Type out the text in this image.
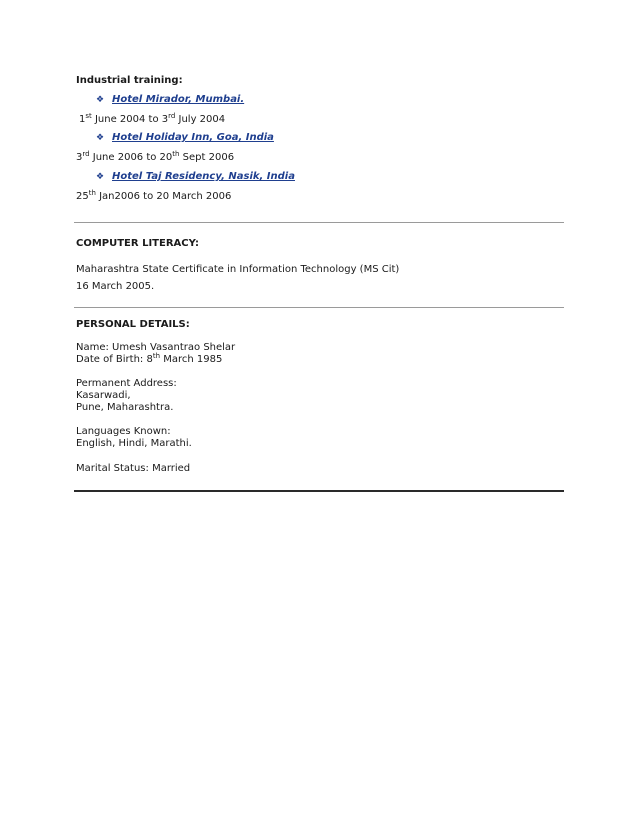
Industrial training:
❖ Hotel Mirador, Mumbai.
1st June 2004 to 3rd July 2004
❖ Hotel Holiday Inn, Goa, India
3rd June 2006 to 20th Sept 2006
❖ Hotel Taj Residency, Nasik, India
25th Jan2006 to 20 March 2006
COMPUTER LITERACY:
Maharashtra State Certificate in Information Technology (MS Cit)
16 March 2005.
PERSONAL DETAILS:
Name: Umesh Vasantrao Shelar
Date of Birth: 8th March 1985
Permanent Address:
Kasarwadi,
Pune, Maharashtra.
Languages Known:
English, Hindi, Marathi.
Marital Status: Married
